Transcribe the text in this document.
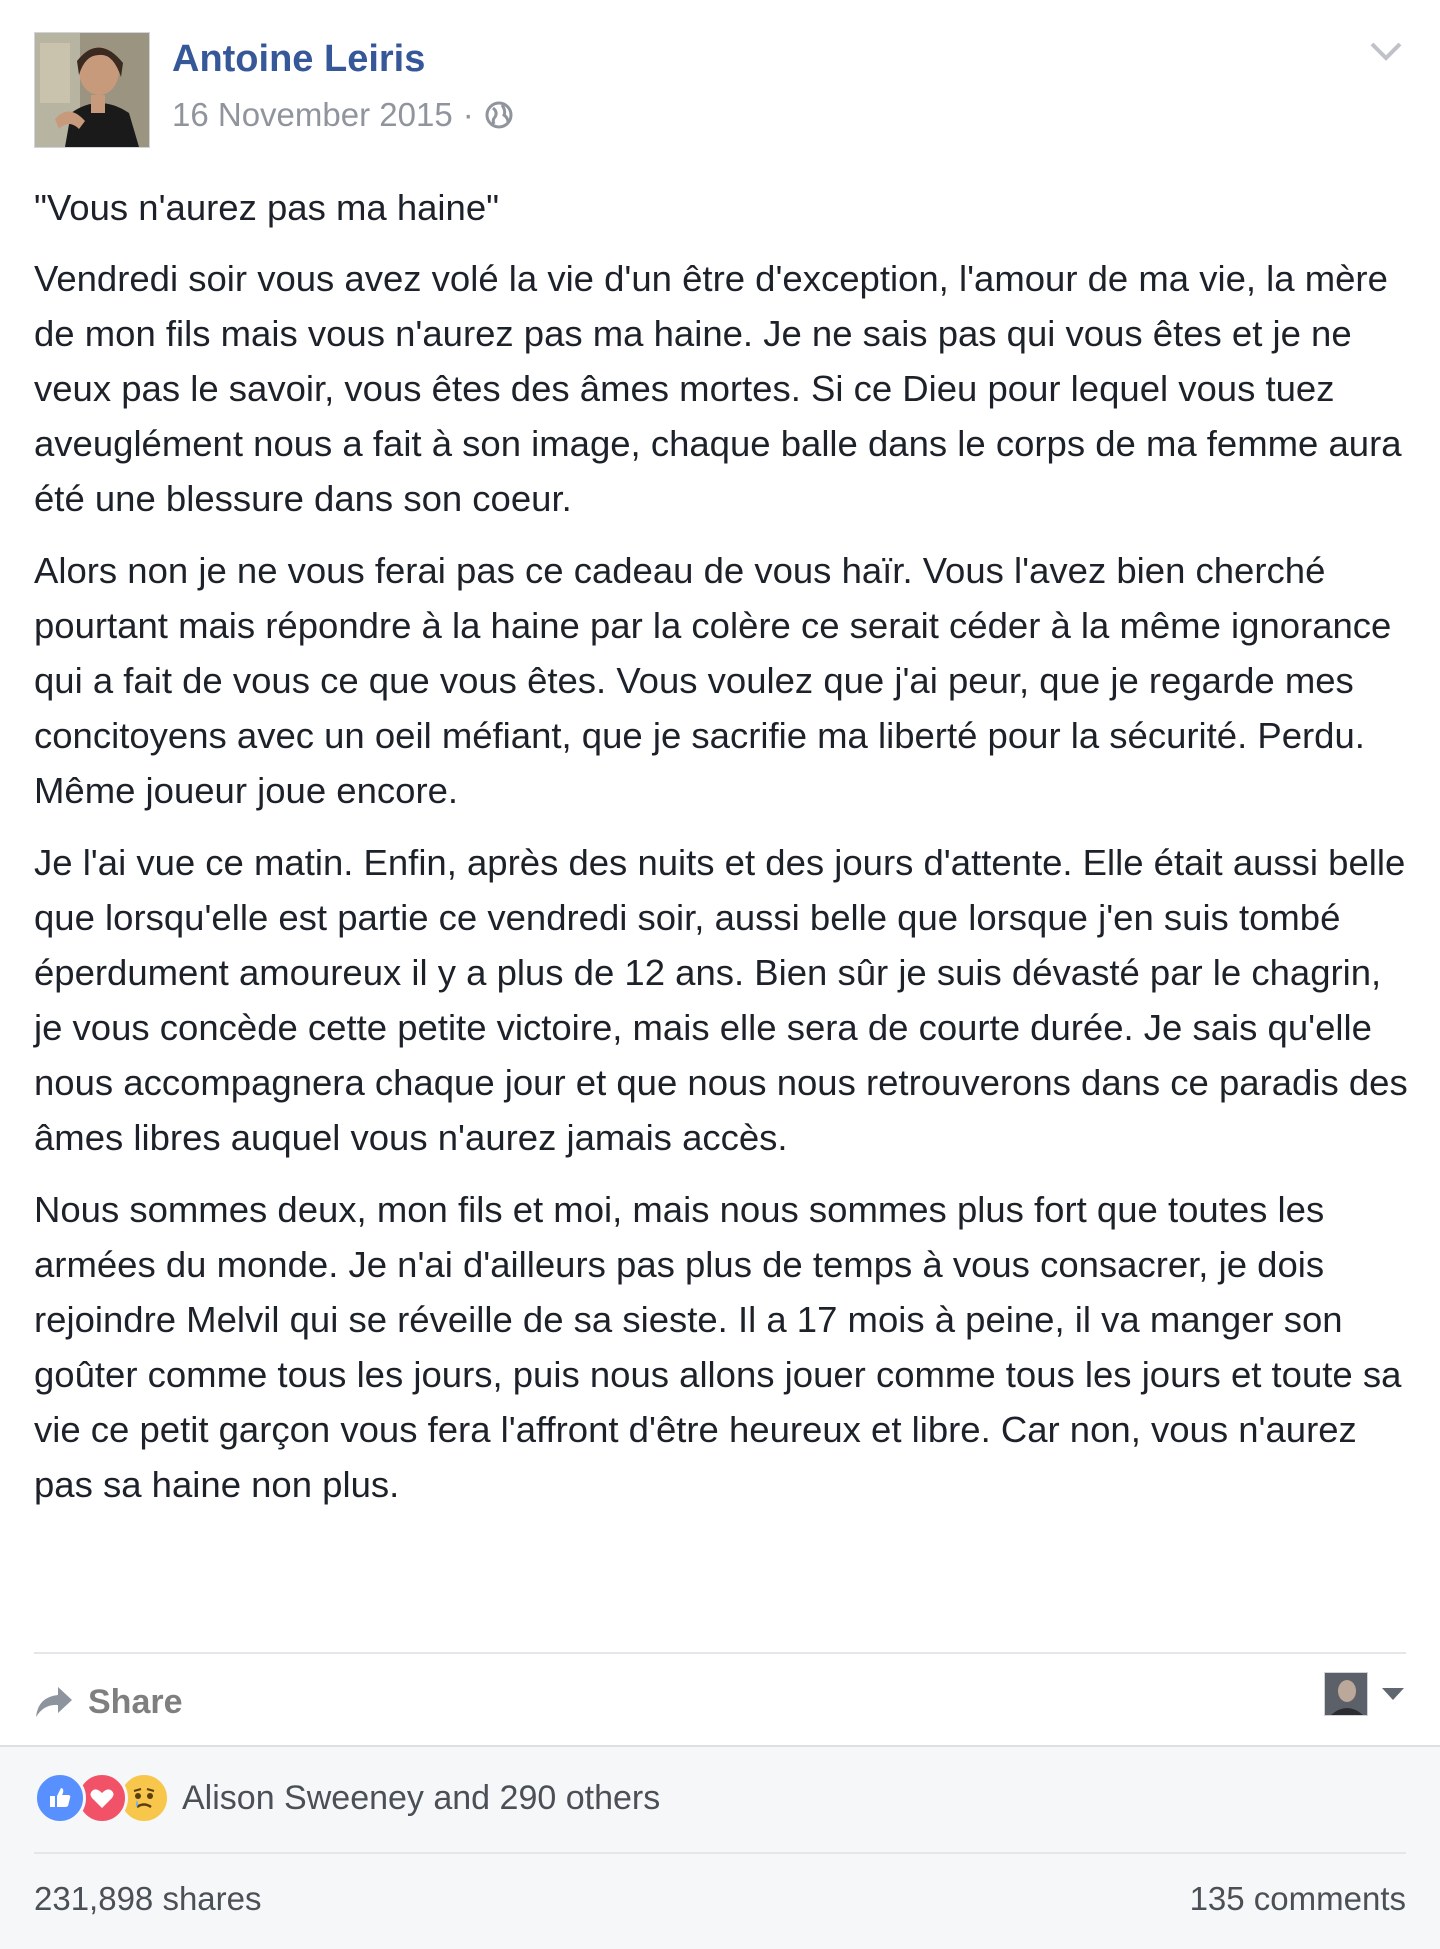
Antoine Leiris
16 November 2015 ·

"Vous n'aurez pas ma haine"

Vendredi soir vous avez volé la vie d'un être d'exception, l'amour de ma vie, la mère de mon fils mais vous n'aurez pas ma haine. Je ne sais pas qui vous êtes et je ne veux pas le savoir, vous êtes des âmes mortes. Si ce Dieu pour lequel vous tuez aveuglément nous a fait à son image, chaque balle dans le corps de ma femme aura été une blessure dans son coeur.

Alors non je ne vous ferai pas ce cadeau de vous haïr. Vous l'avez bien cherché pourtant mais répondre à la haine par la colère ce serait céder à la même ignorance qui a fait de vous ce que vous êtes. Vous voulez que j'ai peur, que je regarde mes concitoyens avec un oeil méfiant, que je sacrifie ma liberté pour la sécurité. Perdu. Même joueur joue encore.

Je l'ai vue ce matin. Enfin, après des nuits et des jours d'attente. Elle était aussi belle que lorsqu'elle est partie ce vendredi soir, aussi belle que lorsque j'en suis tombé éperdument amoureux il y a plus de 12 ans. Bien sûr je suis dévasté par le chagrin, je vous concède cette petite victoire, mais elle sera de courte durée. Je sais qu'elle nous accompagnera chaque jour et que nous nous retrouverons dans ce paradis des âmes libres auquel vous n'aurez jamais accès.

Nous sommes deux, mon fils et moi, mais nous sommes plus fort que toutes les armées du monde. Je n'ai d'ailleurs pas plus de temps à vous consacrer, je dois rejoindre Melvil qui se réveille de sa sieste. Il a 17 mois à peine, il va manger son goûter comme tous les jours, puis nous allons jouer comme tous les jours et toute sa vie ce petit garçon vous fera l'affront d'être heureux et libre. Car non, vous n'aurez pas sa haine non plus.

Share
Alison Sweeney and 290 others
231,898 shares	135 comments
